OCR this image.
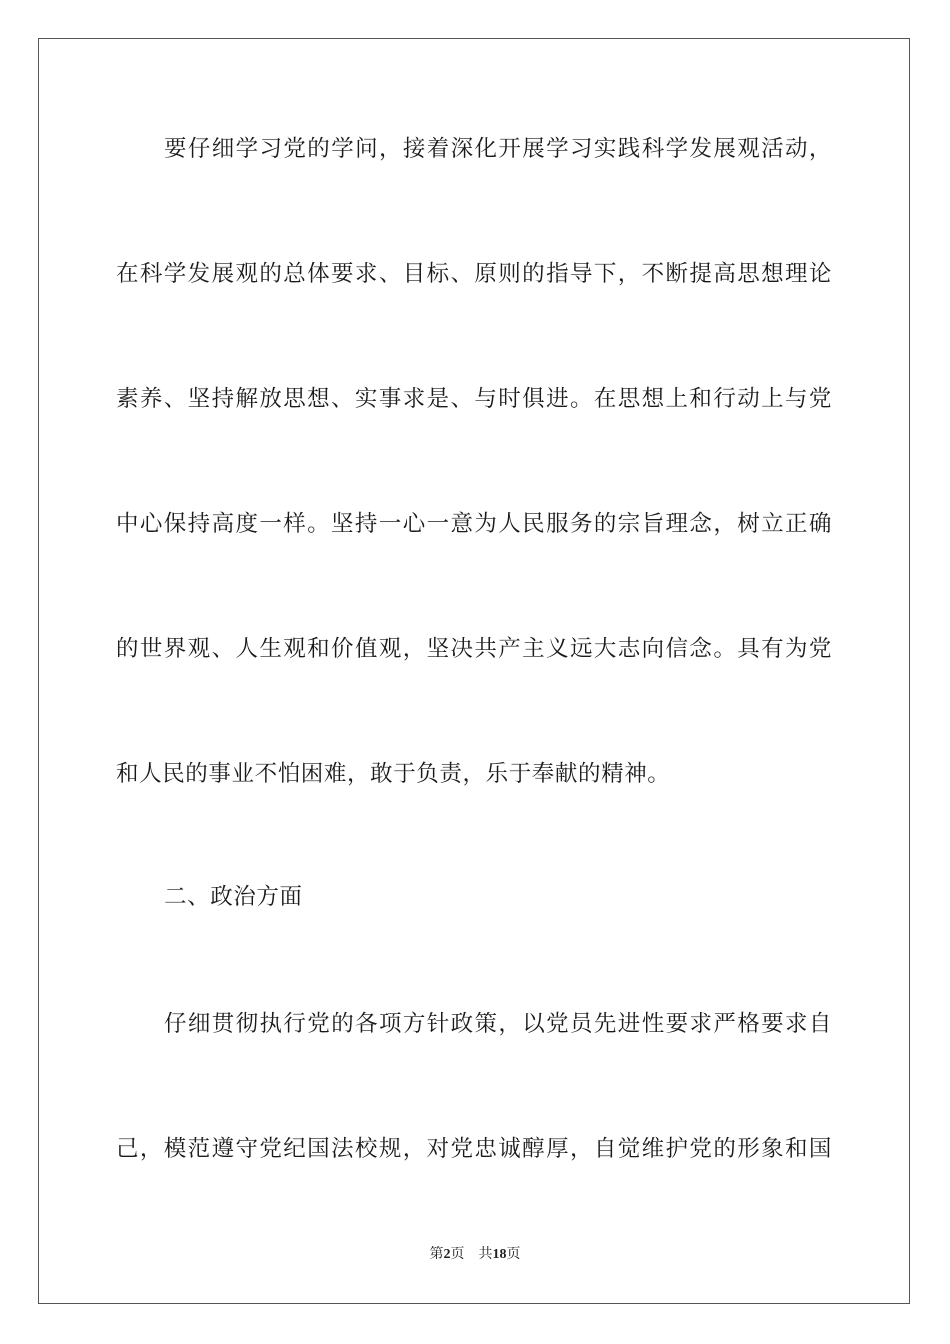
要仔细学习党的学问，接着深化开展学习实践科学发展观活动，
在科学发展观的总体要求、目标、原则的指导下，不断提高思想理论
素养、坚持解放思想、实事求是、与时俱进。在思想上和行动上与党
中心保持高度一样。坚持一心一意为人民服务的宗旨理念，树立正确
的世界观、人生观和价值观，坚决共产主义远大志向信念。具有为党
和人民的事业不怕困难，敢于负责，乐于奉献的精神。
二、政治方面
仔细贯彻执行党的各项方针政策，以党员先进性要求严格要求自
己，模范遵守党纪国法校规，对党忠诚醇厚，自觉维护党的形象和国
第2页 共18页
